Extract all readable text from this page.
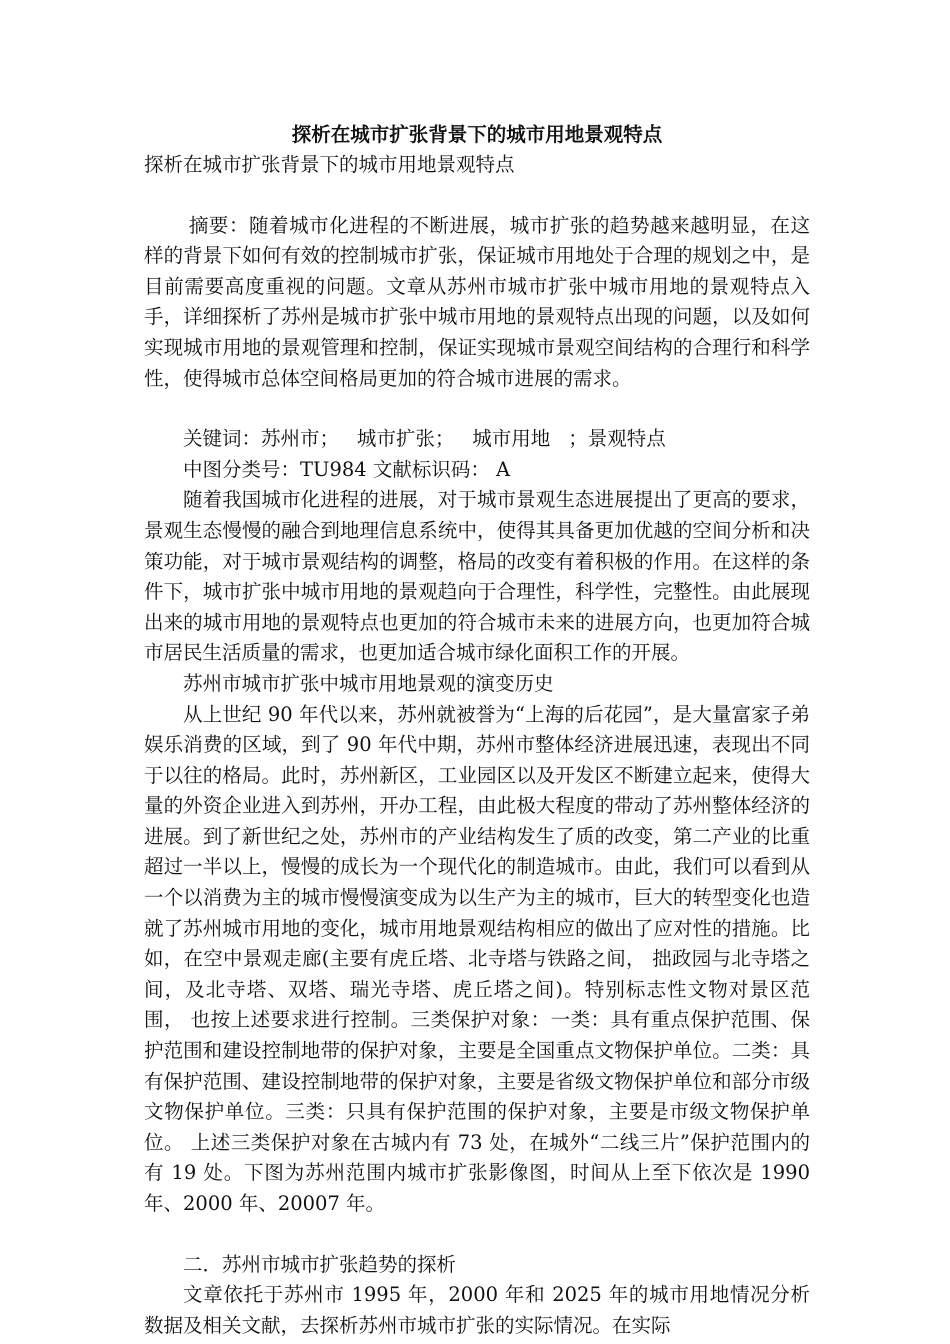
探析在城市扩张背景下的城市用地景观特点

探析在城市扩张背景下的城市用地景观特点

摘要：随着城市化进程的不断进展，城市扩张的趋势越来越明显，在这样的背景下如何有效的控制城市扩张，保证城市用地处于合理的规划之中，是目前需要高度重视的问题。文章从苏州市城市扩张中城市用地的景观特点入手，详细探析了苏州是城市扩张中城市用地的景观特点出现的问题，以及如何实现城市用地的景观管理和控制，保证实现城市景观空间结构的合理行和科学性，使得城市总体空间格局更加的符合城市进展的需求。

关键词：苏州市； 城市扩张； 城市用地 ；景观特点

中图分类号：TU984 文献标识码： A

随着我国城市化进程的进展，对于城市景观生态进展提出了更高的要求，景观生态慢慢的融合到地理信息系统中，使得其具备更加优越的空间分析和决策功能，对于城市景观结构的调整，格局的改变有着积极的作用。在这样的条件下，城市扩张中城市用地的景观趋向于合理性，科学性，完整性。由此展现出来的城市用地的景观特点也更加的符合城市未来的进展方向，也更加符合城市居民生活质量的需求，也更加适合城市绿化面积工作的开展。

苏州市城市扩张中城市用地景观的演变历史

从上世纪 90 年代以来，苏州就被誉为“上海的后花园”，是大量富家子弟娱乐消费的区域，到了 90 年代中期，苏州市整体经济进展迅速，表现出不同于以往的格局。此时，苏州新区，工业园区以及开发区不断建立起来，使得大量的外资企业进入到苏州，开办工程，由此极大程度的带动了苏州整体经济的进展。到了新世纪之处，苏州市的产业结构发生了质的改变，第二产业的比重超过一半以上，慢慢的成长为一个现代化的制造城市。由此，我们可以看到从一个以消费为主的城市慢慢演变成为以生产为主的城市，巨大的转型变化也造就了苏州城市用地的变化，城市用地景观结构相应的做出了应对性的措施。比如，在空中景观走廊(主要有虎丘塔、北寺塔与铁路之间， 拙政园与北寺塔之间，及北寺塔、双塔、瑞光寺塔、虎丘塔之间)。特别标志性文物对景区范围， 也按上述要求进行控制。三类保护对象：一类：具有重点保护范围、保护范围和建设控制地带的保护对象，主要是全国重点文物保护单位。二类：具有保护范围、建设控制地带的保护对象，主要是省级文物保护单位和部分市级文物保护单位。三类：只具有保护范围的保护对象，主要是市级文物保护单位。 上述三类保护对象在古城内有 73 处，在城外“二线三片”保护范围内的有 19 处。下图为苏州范围内城市扩张影像图，时间从上至下依次是 1990 年、2000 年、20007 年。

二．苏州市城市扩张趋势的探析

文章依托于苏州市 1995 年，2000 年和 2025 年的城市用地情况分析数据及相关文献，去探析苏州市城市扩张的实际情况。在实际
